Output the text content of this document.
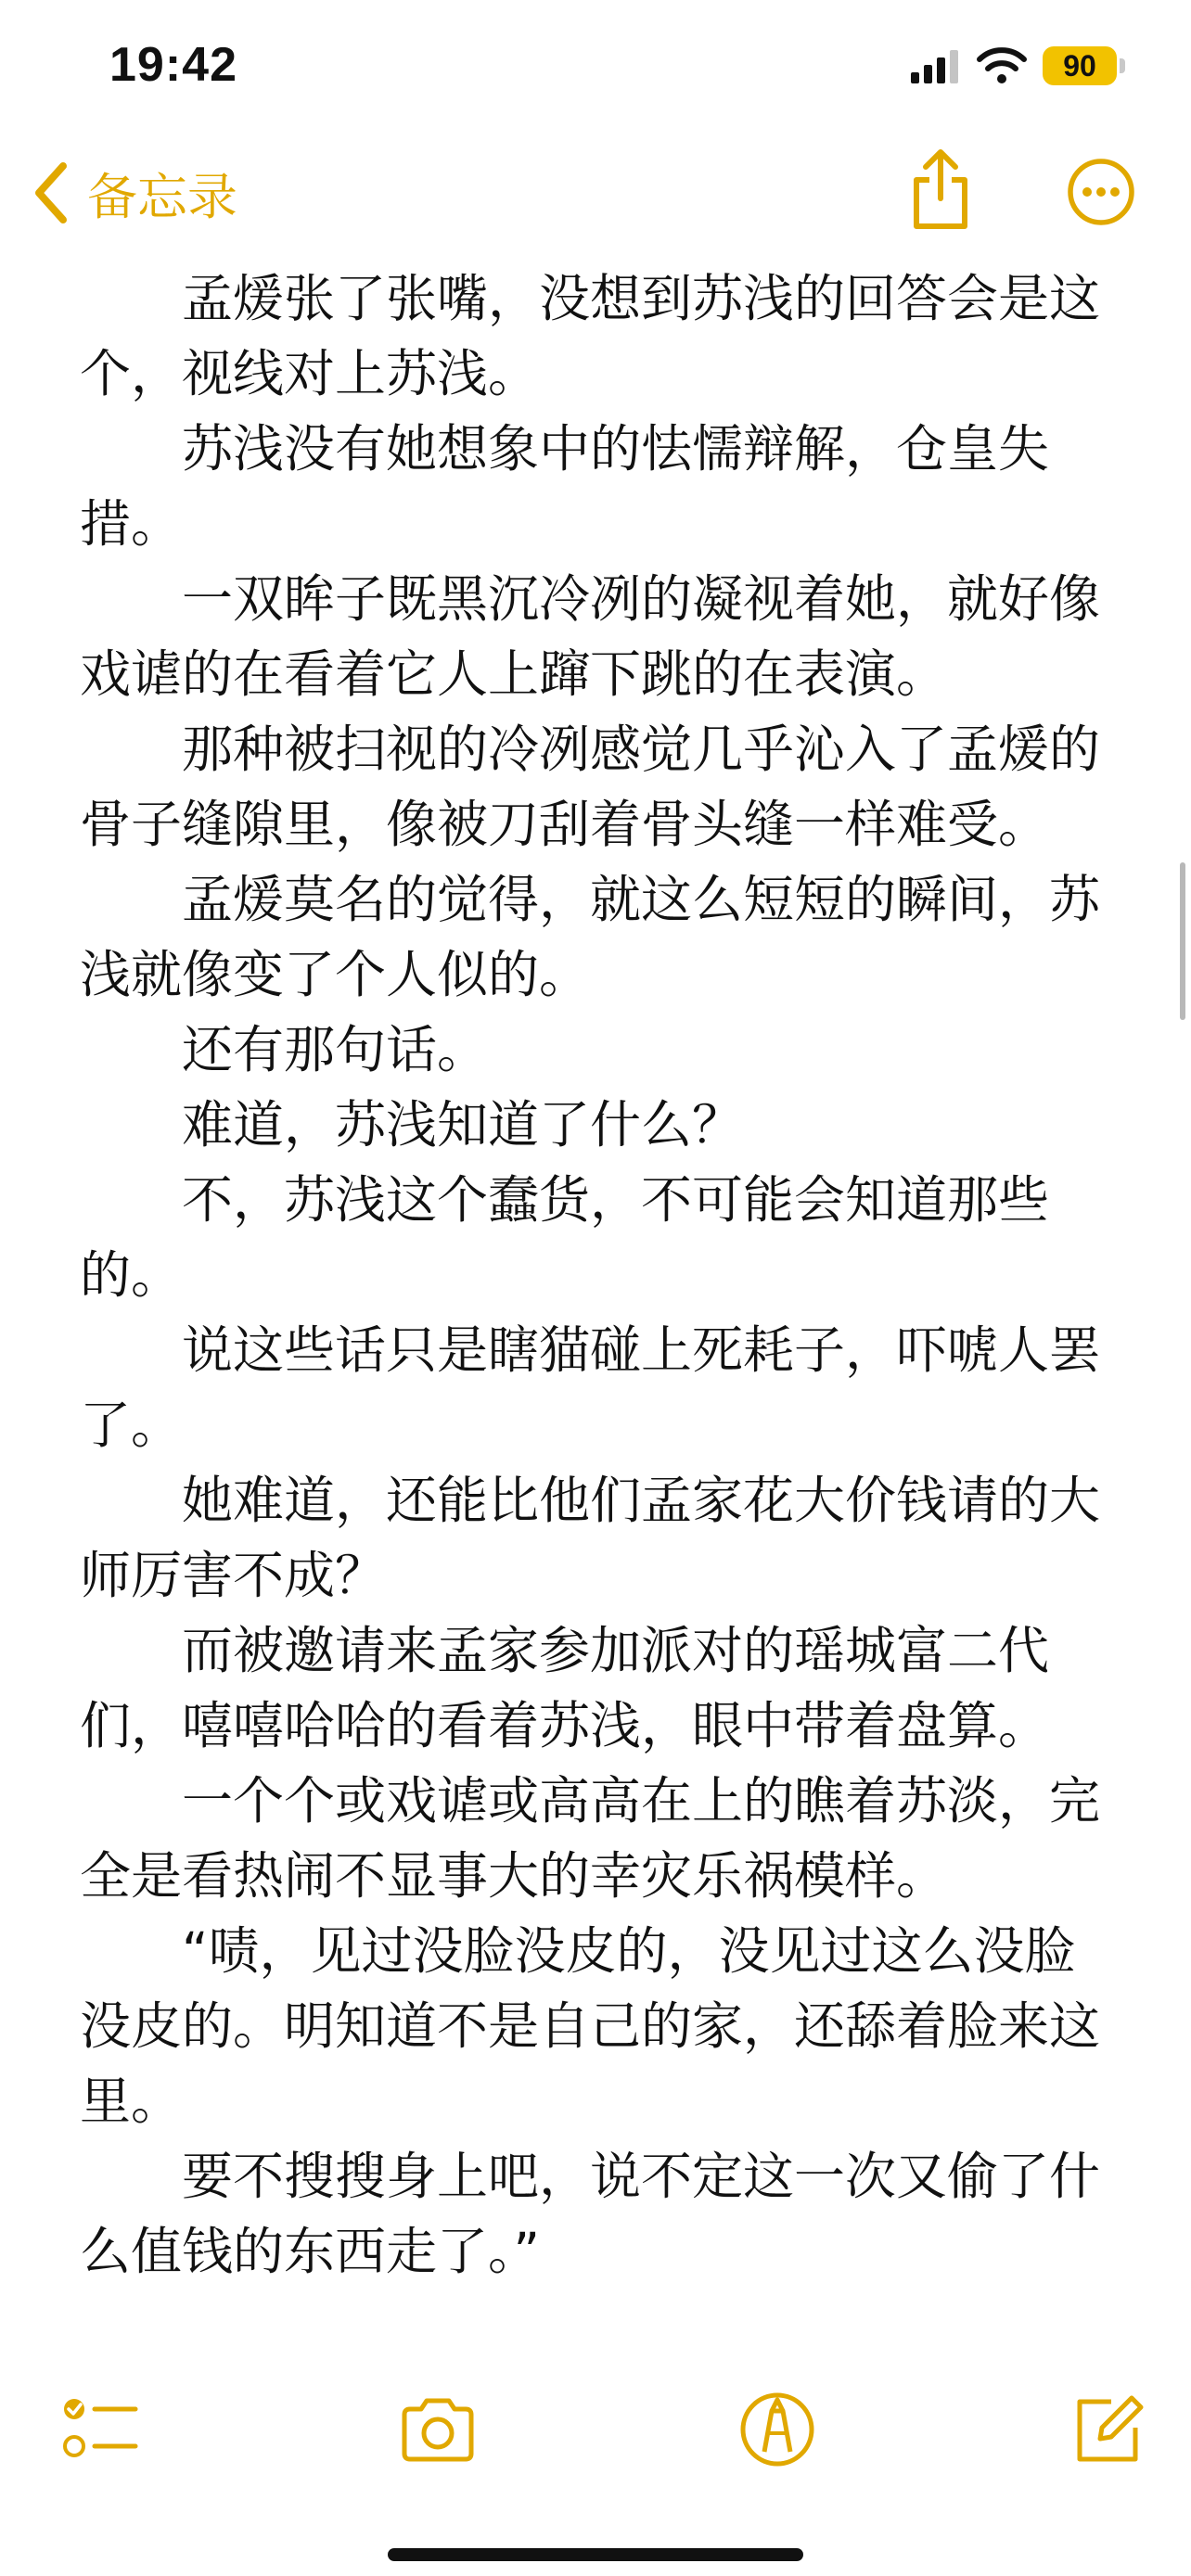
19:42	90
备忘录

孟煖张了张嘴，没想到苏浅的回答会是这个，视线对上苏浅。

苏浅没有她想象中的怯懦辩解，仓皇失措。

一双眸子既黑沉冷冽的凝视着她，就好像戏谑的在看着它人上蹿下跳的在表演。

那种被扫视的冷冽感觉几乎沁入了孟煖的骨子缝隙里，像被刀刮着骨头缝一样难受。

孟煖莫名的觉得，就这么短短的瞬间，苏浅就像变了个人似的。

还有那句话。

难道，苏浅知道了什么？

不，苏浅这个蠢货，不可能会知道那些的。

说这些话只是瞎猫碰上死耗子，吓唬人罢了。

她难道，还能比他们孟家花大价钱请的大师厉害不成？

而被邀请来孟家参加派对的瑶城富二代们，嘻嘻哈哈的看着苏浅，眼中带着盘算。

一个个或戏谑或高高在上的瞧着苏淡，完全是看热闹不显事大的幸灾乐祸模样。

“啧，见过没脸没皮的，没见过这么没脸没皮的。明知道不是自己的家，还舔着脸来这里。

要不搜搜身上吧，说不定这一次又偷了什么值钱的东西走了。”
